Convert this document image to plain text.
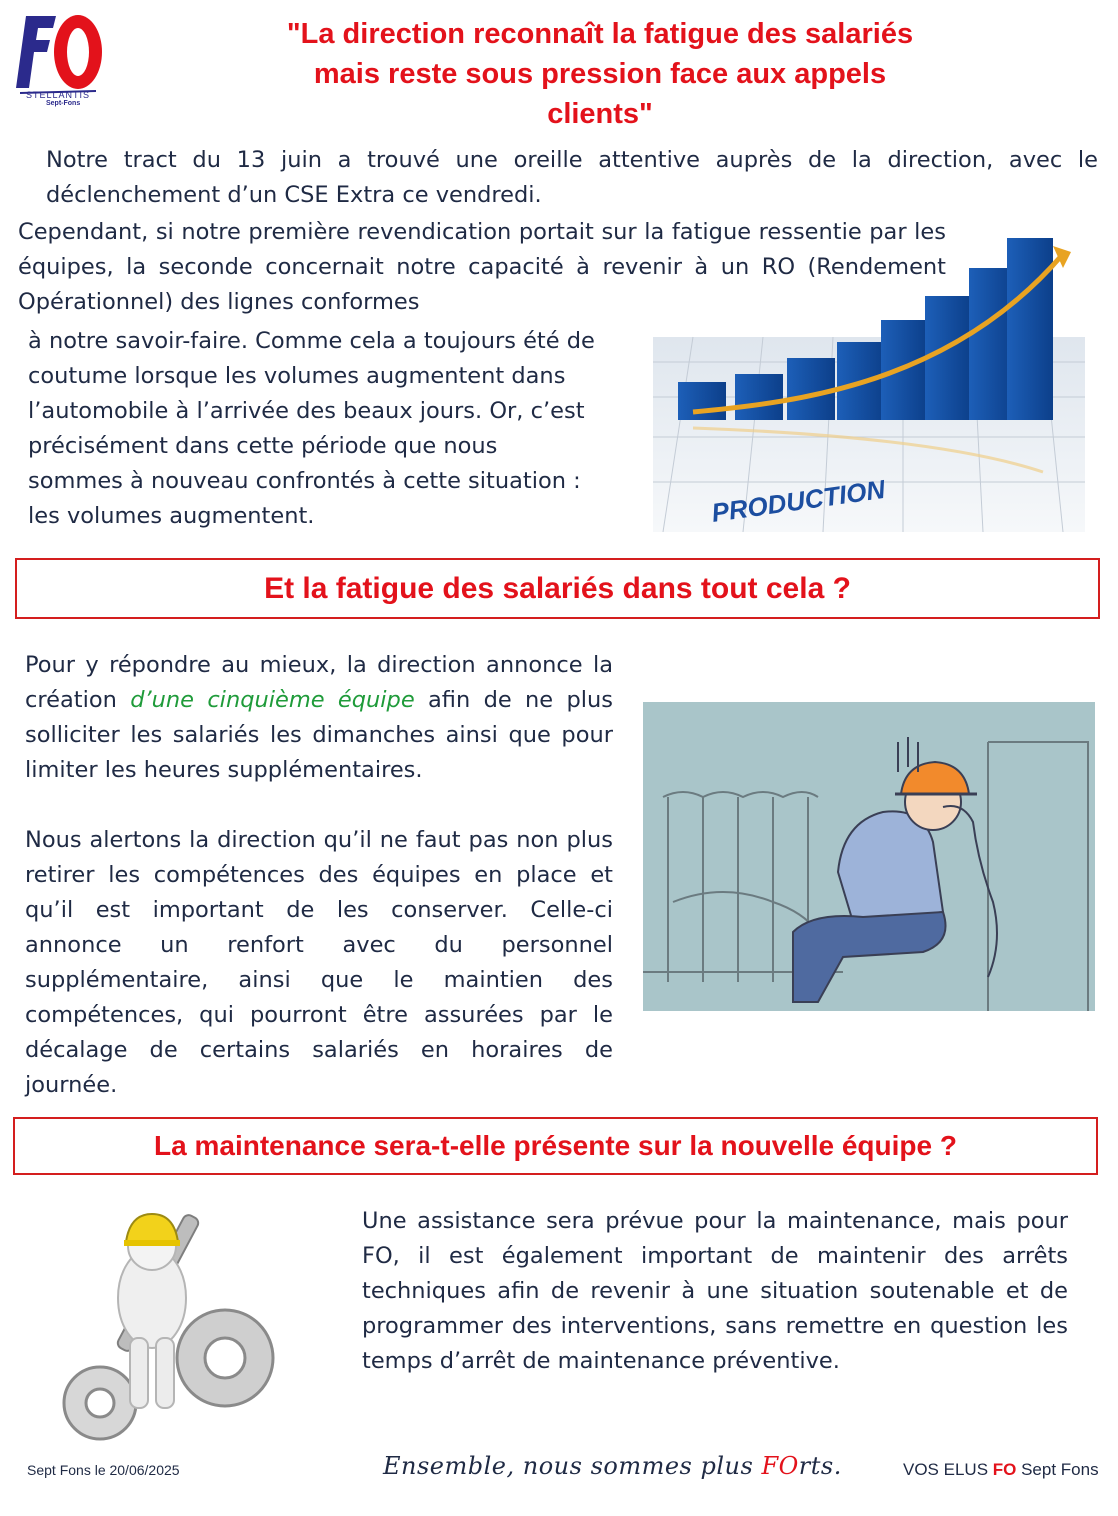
STELLANTIS
Sept-Fons
"La direction reconnaît la fatigue des salariés
mais reste sous pression face aux appels
clients"
Notre tract du 13 juin a trouvé une oreille attentive auprès de la direction, avec le déclenchement d’un CSE Extra ce vendredi.
Cependant, si notre première revendication portait sur la fatigue ressentie par les équipes, la seconde concernait notre capacité à revenir à un RO (Rendement Opérationnel) des lignes conformes
à notre savoir-faire. Comme cela a toujours été de coutume lorsque les volumes augmentent dans l’automobile à l’arrivée des beaux jours. Or, c’est précisément dans cette période que nous sommes à nouveau confrontés à cette situation : les volumes augmentent.	PRODUCTION
Et la fatigue des salariés dans tout cela ?
Pour y répondre au mieux, la direction annonce la création d’une cinquième équipe afin de ne plus solliciter les salariés les dimanches ainsi que pour limiter les heures supplémentaires.
Nous alertons la direction qu’il ne faut pas non plus retirer les compétences des équipes en place et qu’il est important de les conserver. Celle-ci annonce un renfort avec du personnel supplémentaire, ainsi que le maintien des compétences, qui pourront être assurées par le décalage de certains salariés en horaires de journée.
La maintenance sera-t-elle présente sur la nouvelle équipe ?
Une assistance sera prévue pour la maintenance, mais pour FO, il est également important de maintenir des arrêts techniques afin de revenir à une situation soutenable et de programmer des interventions, sans remettre en question les temps d’arrêt de maintenance préventive.
Sept Fons le 20/06/2025	Ensemble, nous sommes plus FOrts.	VOS ELUS FO Sept Fons
